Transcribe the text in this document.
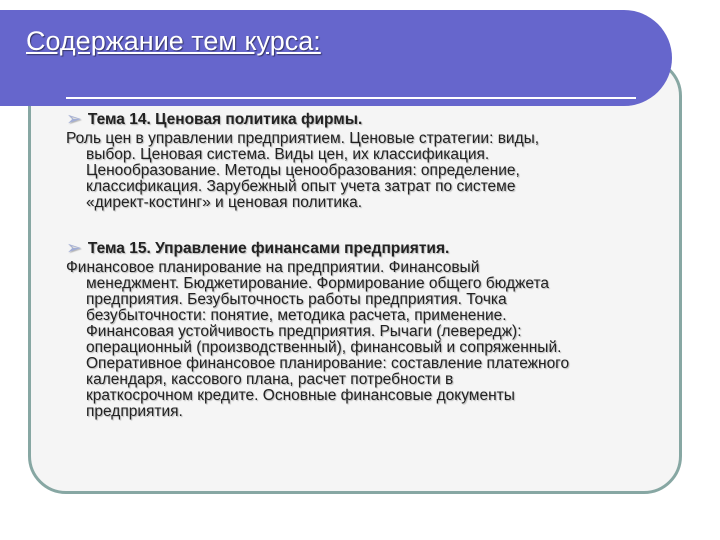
Содержание тем курса:
➢ Тема 14. Ценовая политика фирмы.
Роль цен в управлении предприятием. Ценовые стратегии: виды,
выбор. Ценовая система. Виды цен, их классификация.
Ценообразование. Методы ценообразования: определение,
классификация. Зарубежный опыт учета затрат по системе
«директ-костинг» и ценовая политика.
➢ Тема 15. Управление финансами предприятия.
Финансовое планирование на предприятии. Финансовый
менеджмент. Бюджетирование. Формирование общего бюджета
предприятия. Безубыточность работы предприятия. Точка
безубыточности: понятие, методика расчета, применение.
Финансовая устойчивость предприятия. Рычаги (левередж):
операционный (производственный), финансовый и сопряженный.
Оперативное финансовое планирование: составление платежного
календаря, кассового плана, расчет потребности в
краткосрочном кредите. Основные финансовые документы
предприятия.
